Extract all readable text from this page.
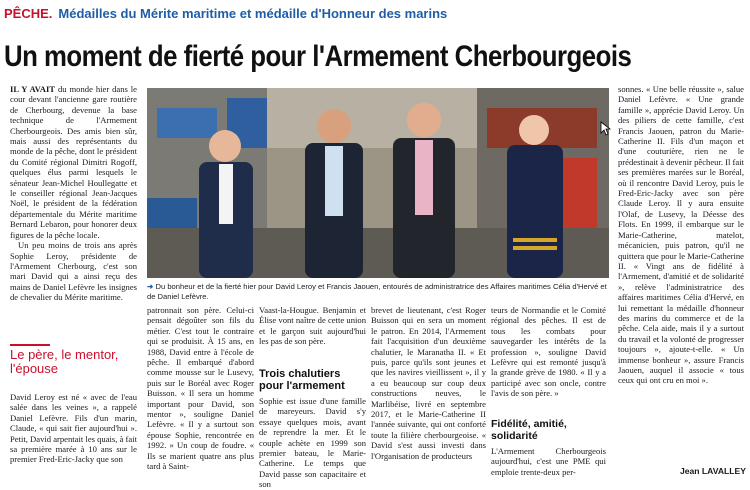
PÊCHE. Médailles du Mérite maritime et médaille d'Honneur des marins
Un moment de fierté pour l'Armement Cherbourgeois

IL Y AVAIT du monde hier dans le cour devant l'ancienne gare routière de Cherbourg, devenue la base technique de l'Armement Cherbourgeois. Des amis bien sûr, mais aussi des représentants du monde de la pêche, dont le président du Comité régional Dimitri Rogoff, quelques élus parmi lesquels le sénateur Jean-Michel Houllegatte et le conseiller régional Jean-Jacques Noël, le président de la fédération départementale du Mérite maritime Bernard Lebaron, pour honorer deux figures de la pêche locale.

Un peu moins de trois ans après Sophie Leroy, présidente de l'Armement Cherbourg, c'est son mari David qui a ainsi reçu des mains de Daniel Lefèvre les insignes de chevalier du Mérite maritime.

Le père, le mentor, l'épouse
David Leroy est né « avec de l'eau salée dans les veines », a rappelé Daniel Lefèvre. Fils d'un marin, Claude, « qui sait fier aujourd'hui ». Petit, David arpentait les quais, à fait sa première marée à 10 ans sur le premier Fred-Eric-Jacky que son
➜ Du bonheur et de la fierté hier pour David Leroy et Francis Jaouen, entourés de administratrice des Affaires maritimes Célia d'Hervé et de Daniel Lefèvre.
patronnait son père. Celui-ci pensait dégoûter son fils du métier. C'est tout le contraire qui se produisit. À 15 ans, en 1988, David entre à l'école de pêche. Il embarqué d'abord comme mousse sur le Lusevy, puis sur le Boréal avec Roger Buisson. « Il sera un homme important pour David, son mentor », souligne Daniel Lefèvre. « Il y a surtout son épouse Sophie, rencontrée en 1992. » Un coup de foudre. « Ils se marient quatre ans plus tard à Saint-
Vaast-la-Hougue. Benjamin et Élise vont naître de cette union et le garçon suit aujourd'hui les pas de son père.
Trois chalutiers pour l'armement
Sophie est issue d'une famille de mareyeurs. David s'y essaye quelques mois, avant de reprendre la mer. Et le couple achète en 1999 son premier bateau, le Marie-Catherine. Le temps que David passe son capacitaire et son
brevet de lieutenant, c'est Roger Buisson qui en sera un moment le patron. En 2014, l'Armement fait l'acquisition d'un deuxième chalutier, le Maranatha II. « Et puis, parce qu'ils sont jeunes et que les navires vieillissent », il y a eu beaucoup sur coup deux constructions neuves, le Marlibéise, livré en septembre 2017, et le Marie-Catherine II l'année suivante, qui ont conforté toute la filière cherbourgeoise. « David s'est aussi investi dans l'Organisation de producteurs
teurs de Normandie et le Comité régional des pêches. Il est de tous les combats pour sauvegarder les intérêts de la profession », souligne David Lefèvre qui est remonté jusqu'à la grande grève de 1980. « Il y a participé avec son oncle, contre l'avis de son père. »
Fidélité, amitié, solidarité
L'Armement Cherbourgeois aujourd'hui, c'est une PME qui emploie trente-deux per-
sonnes. « Une belle réussite », salue Daniel Lefèvre. « Une grande famille », apprécie David Leroy. Un des piliers de cette famille, c'est Francis Jaouen, patron du Marie-Catherine II. Fils d'un maçon et d'une couturière, rien ne le prédestinait à devenir pêcheur. Il fait ses premières marées sur le Boréal, où il rencontre David Leroy, puis le Fred-Eric-Jacky avec son père Claude Leroy. Il y aura ensuite l'Olaf, de Lusevy, la Déesse des Flots. En 1999, il embarque sur le Marie-Catherine, matelot, mécanicien, puis patron, qu'il ne quittera que pour le Marie-Catherine II. « Vingt ans de fidélité à l'Armement, d'amitié et de solidarité », relève l'administratrice des affaires maritimes Célia d'Hervé, en lui remettant la médaille d'honneur des marins du commerce et de la pêche. Cela aide, mais il y a surtout du travail et la volonté de progresser toujours », ajoute-t-elle. « Un immense bonheur », assure Francis Jaouen, auquel il associe « tous ceux qui ont cru en moi ».
Jean LAVALLEY
